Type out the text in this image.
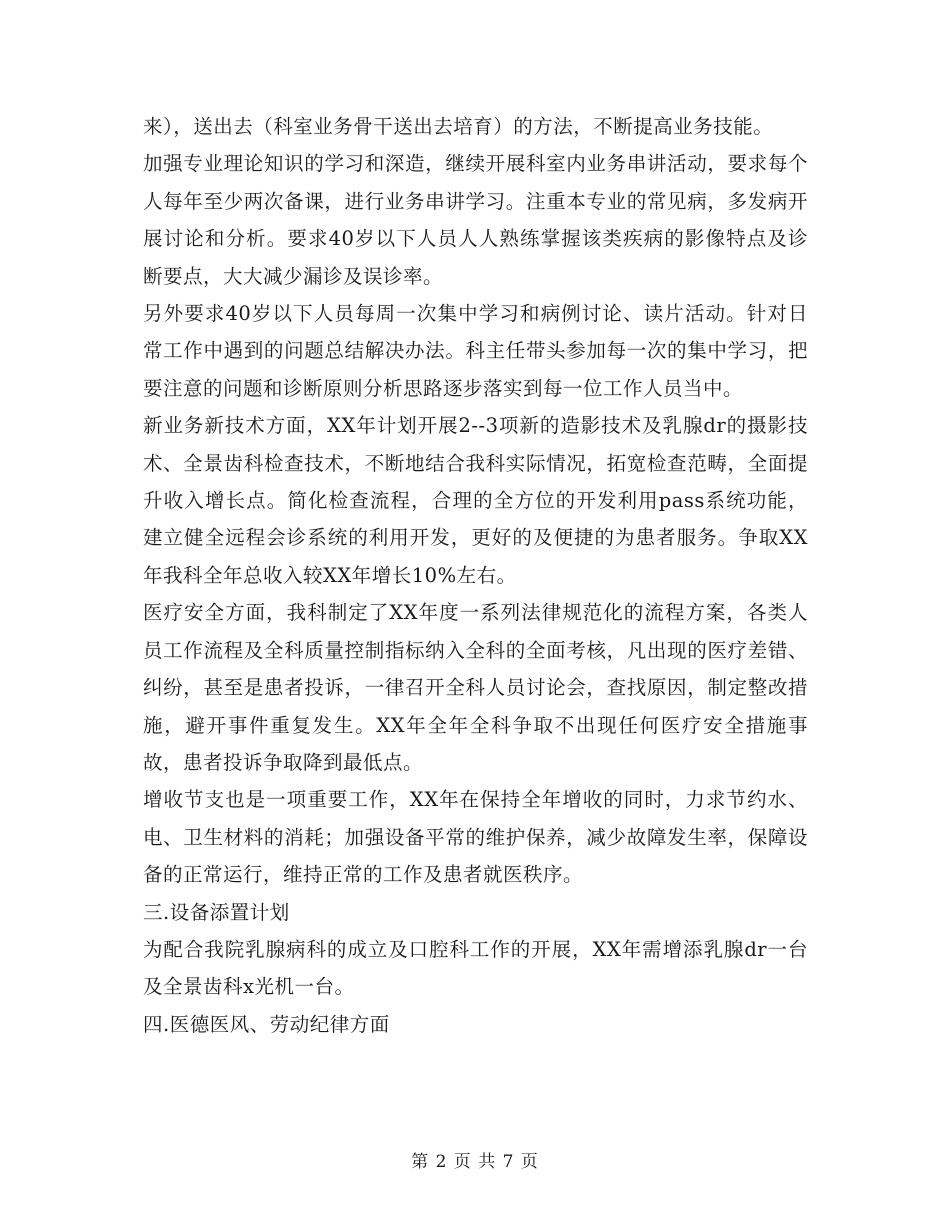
来），送出去（科室业务骨干送出去培育）的方法，不断提高业务技能。

加强专业理论知识的学习和深造，继续开展科室内业务串讲活动，要求每个人每年至少两次备课，进行业务串讲学习。注重本专业的常见病，多发病开展讨论和分析。要求40岁以下人员人人熟练掌握该类疾病的影像特点及诊断要点，大大减少漏诊及误诊率。

另外要求40岁以下人员每周一次集中学习和病例讨论、读片活动。针对日常工作中遇到的问题总结解决办法。科主任带头参加每一次的集中学习，把要注意的问题和诊断原则分析思路逐步落实到每一位工作人员当中。

新业务新技术方面，XX年计划开展2--3项新的造影技术及乳腺dr的摄影技术、全景齿科检查技术，不断地结合我科实际情况，拓宽检查范畴，全面提升收入增长点。简化检查流程，合理的全方位的开发利用pass系统功能，建立健全远程会诊系统的利用开发，更好的及便捷的为患者服务。争取XX年我科全年总收入较XX年增长10%左右。

医疗安全方面，我科制定了XX年度一系列法律规范化的流程方案，各类人员工作流程及全科质量控制指标纳入全科的全面考核，凡出现的医疗差错、纠纷，甚至是患者投诉，一律召开全科人员讨论会，查找原因，制定整改措施，避开事件重复发生。XX年全年全科争取不出现任何医疗安全措施事故，患者投诉争取降到最低点。

增收节支也是一项重要工作，XX年在保持全年增收的同时，力求节约水、电、卫生材料的消耗；加强设备平常的维护保养，减少故障发生率，保障设备的正常运行，维持正常的工作及患者就医秩序。

三.设备添置计划

为配合我院乳腺病科的成立及口腔科工作的开展，XX年需增添乳腺dr一台及全景齿科x光机一台。

四.医德医风、劳动纪律方面

第 2 页 共 7 页
